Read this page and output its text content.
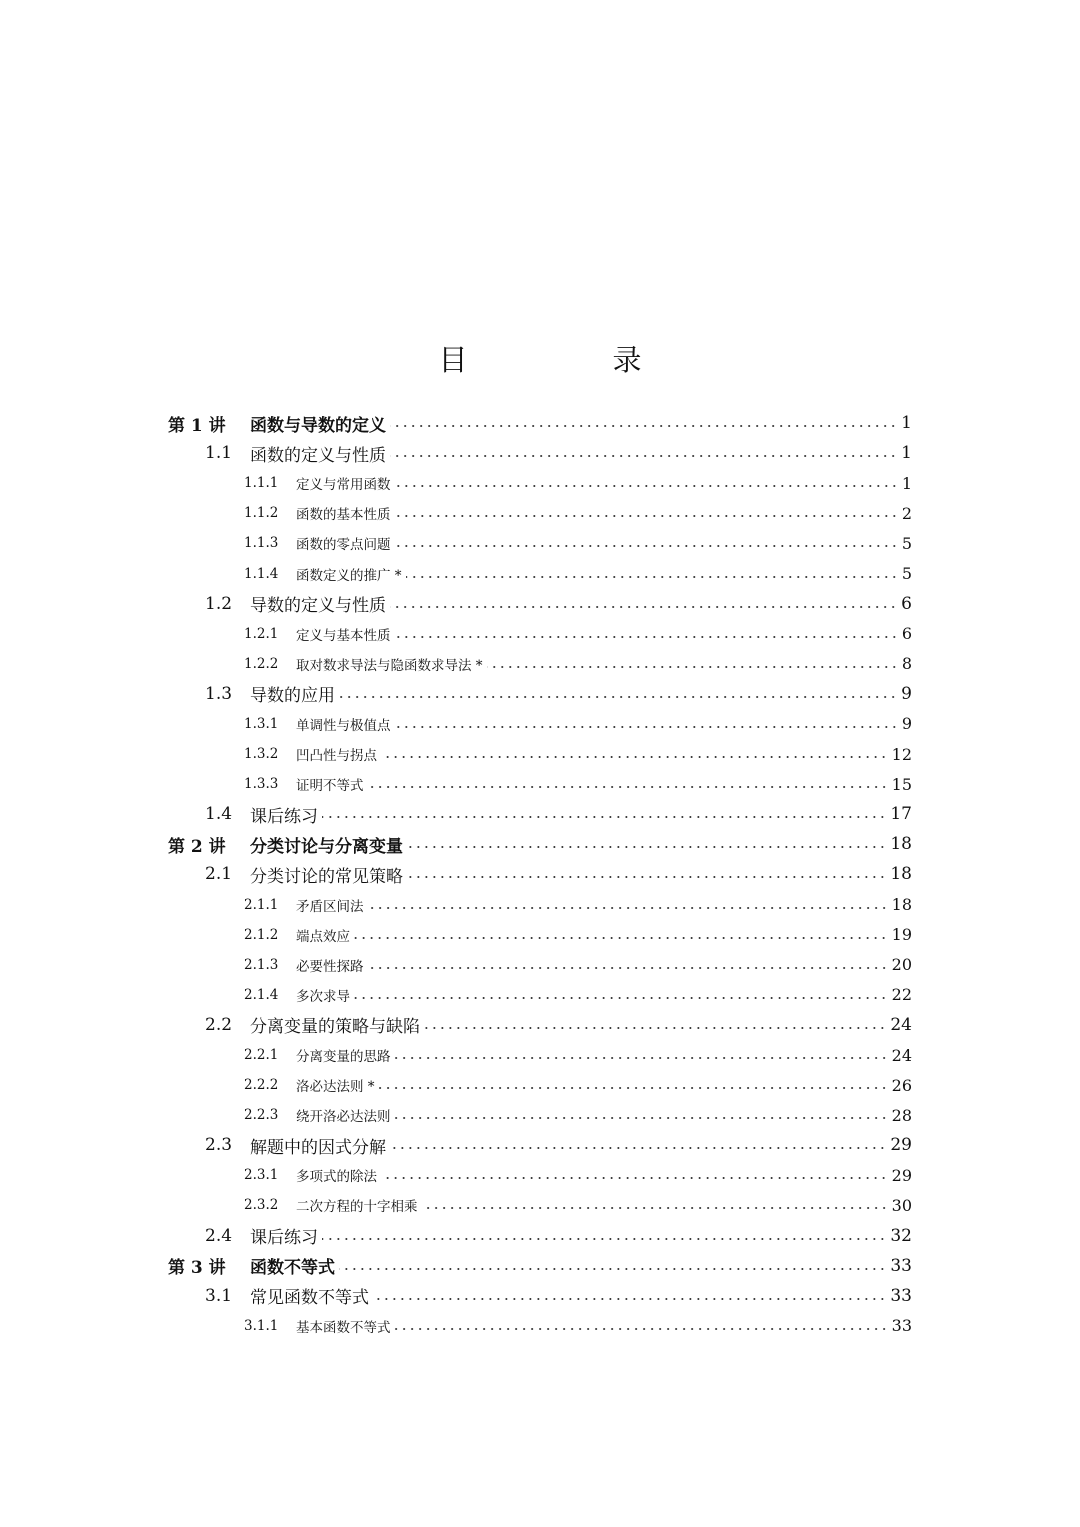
目　录
第 1 讲	函数与导数的定义	1
1.1	函数的定义与性质	1
1.1.1	定义与常用函数	1
1.1.2	函数的基本性质	2
1.1.3	函数的零点问题	5
1.1.4	函数定义的推广 *	5
1.2	导数的定义与性质	6
1.2.1	定义与基本性质	6
1.2.2	取对数求导法与隐函数求导法 *	8
1.3	导数的应用	9
1.3.1	单调性与极值点	9
1.3.2	凹凸性与拐点	12
1.3.3	证明不等式	15
1.4	课后练习	17
第 2 讲	分类讨论与分离变量	18
2.1	分类讨论的常见策略	18
2.1.1	矛盾区间法	18
2.1.2	端点效应	19
2.1.3	必要性探路	20
2.1.4	多次求导	22
2.2	分离变量的策略与缺陷	24
2.2.1	分离变量的思路	24
2.2.2	洛必达法则 *	26
2.2.3	绕开洛必达法则	28
2.3	解题中的因式分解	29
2.3.1	多项式的除法	29
2.3.2	二次方程的十字相乘	30
2.4	课后练习	32
第 3 讲	函数不等式	33
3.1	常见函数不等式	33
3.1.1	基本函数不等式	33
